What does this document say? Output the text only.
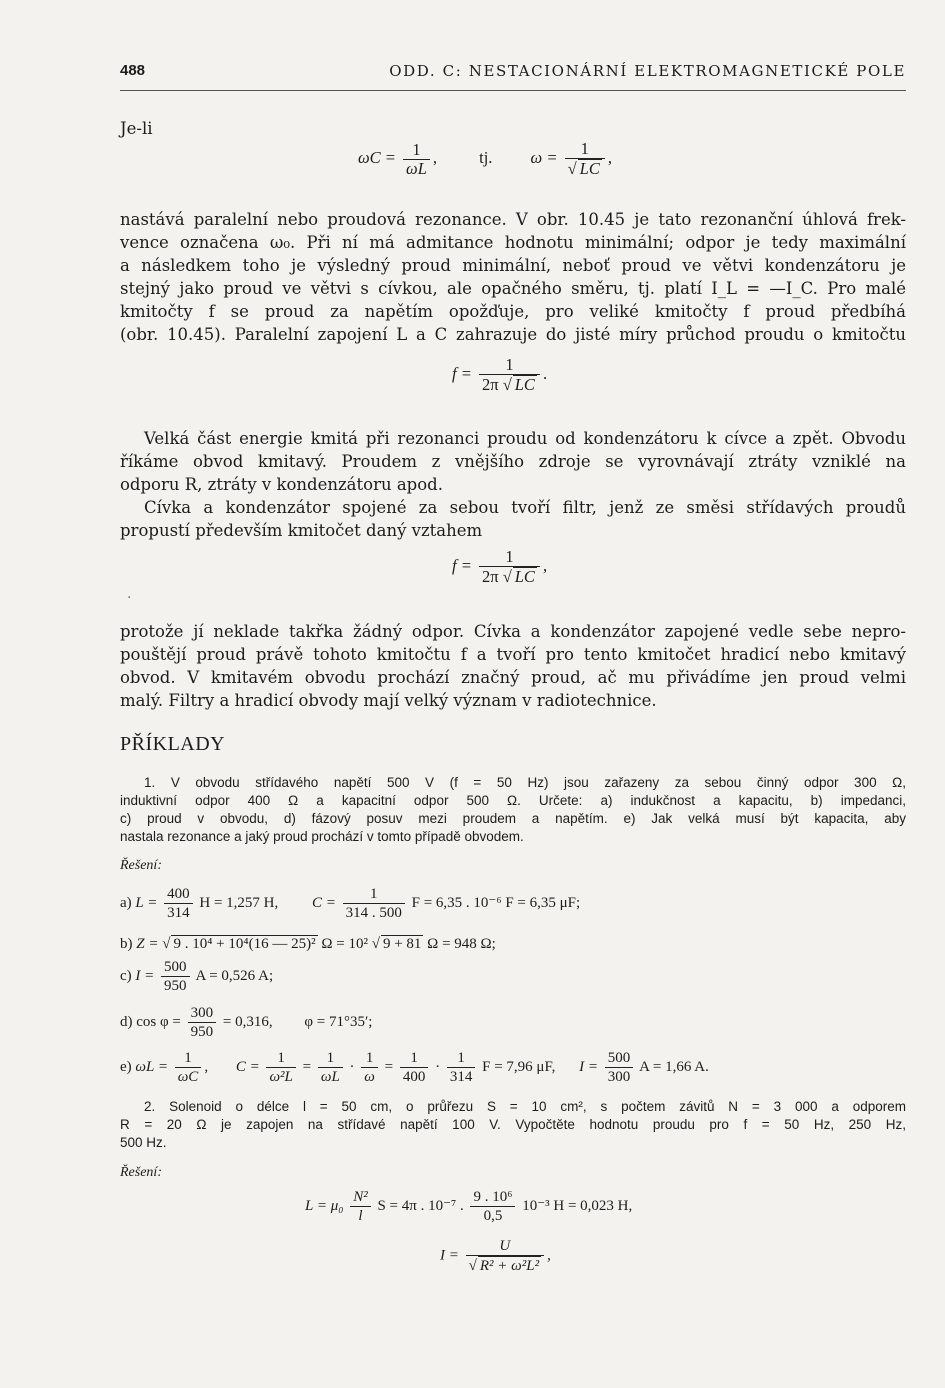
488	ODD. C: NESTACIONÁRNÍ ELEKTROMAGNETICKÉ POLE
Je-li
$\omega C = \frac{1}{\omega L}$ ,	tj. ω = 1
√ LC ,
nastává paralelní nebo proudová rezonance. V obr. 10.45 je tato rezonanční úhlová frek-
vence označena ω₀. Při ní má admitance hodnotu minimální; odpor je tedy maximální
a následkem toho je výsledný proud minimální, neboť proud ve větvi kondenzátoru je
stejný jako proud ve větvi s cívkou, ale opačného směru, tj. platí I_L = —I_C. Pro malé
kmitočty f se proud za napětím opožďuje, pro veliké kmitočty f proud předbíhá
(obr. 10.45). Paralelní zapojení L a C zahrazuje do jisté míry průchod proudu o kmitočtu
$f = \frac{1}{2\pi √ LC}$ .
Velká část energie kmitá při rezonanci proudu od kondenzátoru k cívce a zpět. Obvodu
říkáme obvod kmitavý. Proudem z vnějšího zdroje se vyrovnávají ztráty vzniklé na
odporu R, ztráty v kondenzátoru apod.
Cívka a kondenzátor spojené za sebou tvoří filtr, jenž ze směsi střídavých proudů
propustí především kmitočet daný vztahem
$f = \frac{1}{2\pi √ LC}$ ,
·
protože jí neklade takřka žádný odpor. Cívka a kondenzátor zapojené vedle sebe nepro-
pouštějí proud právě tohoto kmitočtu f a tvoří pro tento kmitočet hradicí nebo kmitavý
obvod. V kmitavém obvodu prochází značný proud, ač mu přivádíme jen proud velmi
malý. Filtry a hradicí obvody mají velký význam v radiotechnice.
PŘÍKLADY
1. V obvodu střídavého napětí 500 V (f = 50 Hz) jsou zařazeny za sebou činný odpor 300 Ω,
induktivní odpor 400 Ω a kapacitní odpor 500 Ω. Určete: a) indukčnost a kapacitu, b) impedanci,
c) proud v obvodu, d) fázový posuv mezi proudem a napětím. e) Jak velká musí být kapacita, aby
nastala rezonance a jaký proud prochází v tomto případě obvodem.
Řešení:
a) $L = \frac{400}{314}$ H = 1,257 H, $C = \frac{1}{314 . 500}$ F = 6,35 . 10⁻⁶ F = 6,35 μF;
b) Z = √ 9 . 10⁴ + 10⁴(16 — 25)² Ω = 10² √ 9 + 81 Ω = 948 Ω;
c) $I = \frac{500}{950}$ A = 0,526 A;
d) $\cos \varphi = \frac{300}{950} = 0,316$, φ = 71°35′;
e) $\omega L = \frac{1}{\omega C}$ , $C = \frac{1}{\text{ω²L}} = \frac{1}{\omega L} \cdot \frac{1}{\omega} = \frac{1}{400} \cdot \frac{1}{314}$ F = 7,96 μF, $I = \frac{500}{300}$ A = 1,66 A.
2. Solenoid o délce l = 50 cm, o průřezu S = 10 cm², s počtem závitů N = 3 000 a odporem
R = 20 Ω je zapojen na střídavé napětí 100 V. Vypočtěte hodnotu proudu pro f = 50 Hz, 250 Hz,
500 Hz.
Řešení:
$L = \mu_0 \frac{\text{N²}}{l}$ S = 4π . 10⁻⁷ . $\frac{\text{9 . 10⁶}}{0,5} 10^{-3}$ H = 0,023 H,
I = U
√ R² + ω²L² ,
